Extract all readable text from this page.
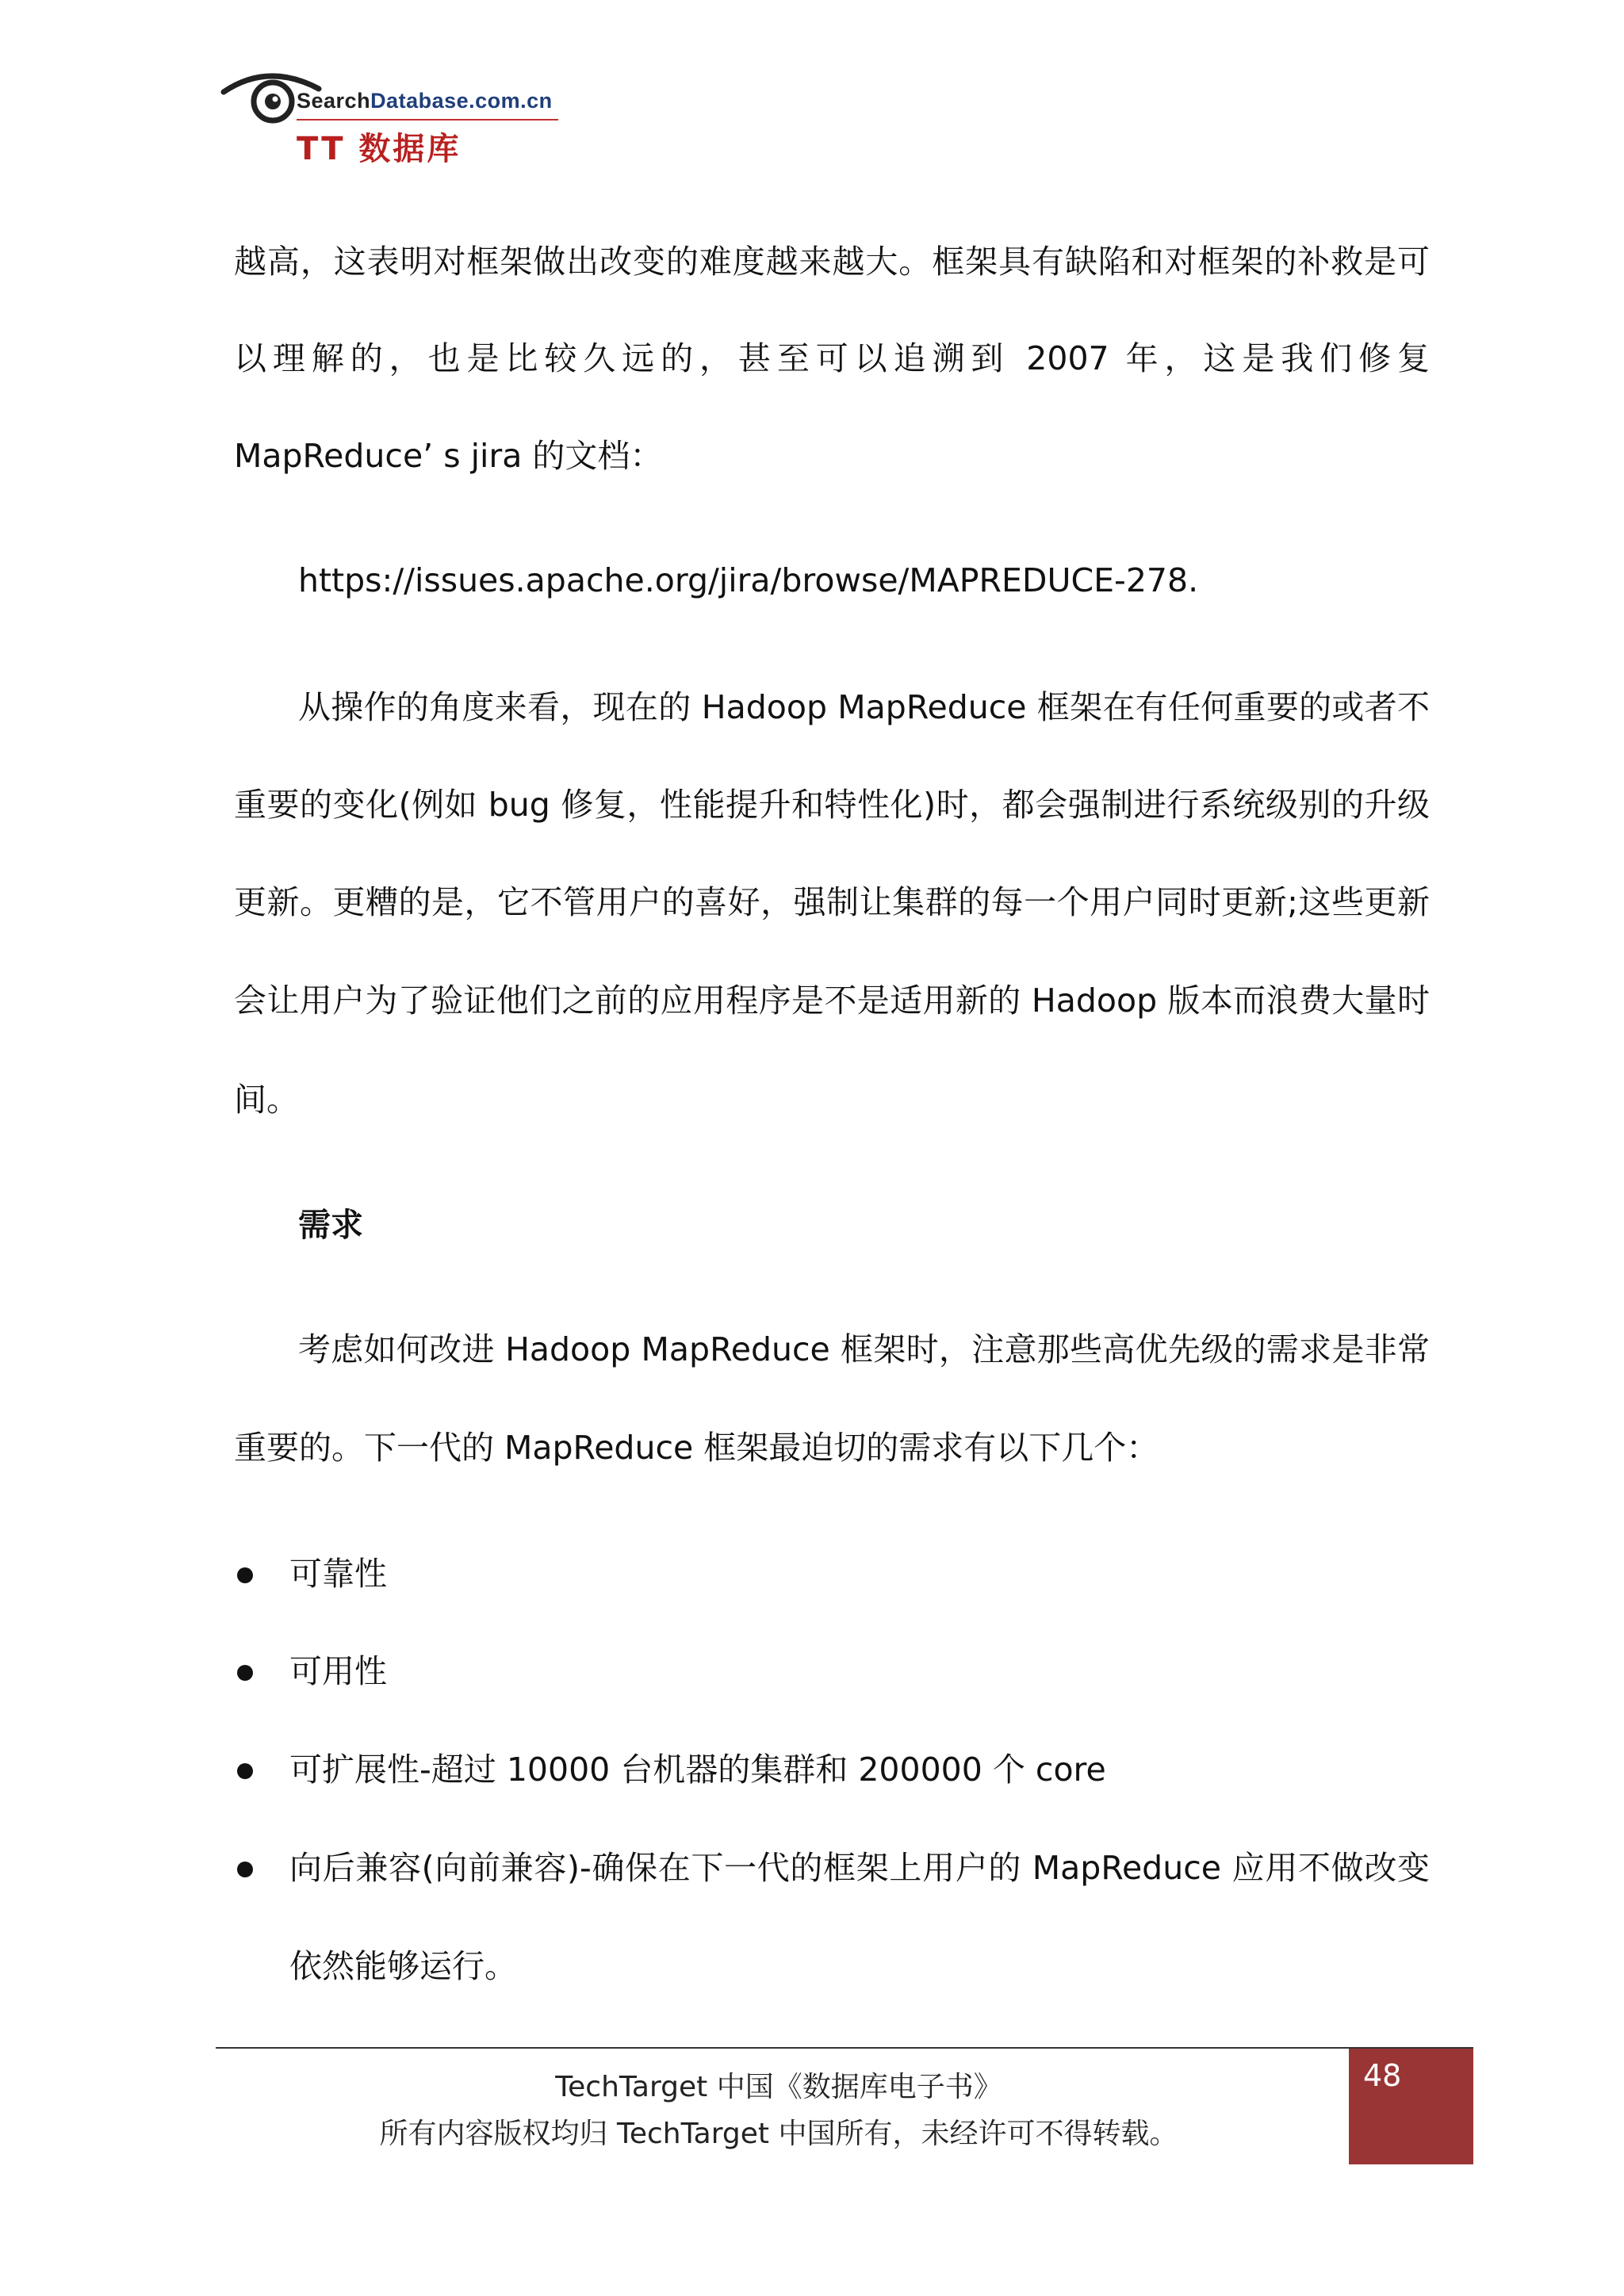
SearchDatabase.com.cn
TT 数据库
越高，这表明对框架做出改变的难度越来越大。框架具有缺陷和对框架的补救是可
以理解的，也是比较久远的，甚至可以追溯到 2007 年，这是我们修复
MapReduce’ s jira 的文档：
https://issues.apache.org/jira/browse/MAPREDUCE-278.
从操作的角度来看，现在的 Hadoop MapReduce 框架在有任何重要的或者不
重要的变化(例如 bug 修复，性能提升和特性化)时，都会强制进行系统级别的升级
更新。更糟的是，它不管用户的喜好，强制让集群的每一个用户同时更新;这些更新
会让用户为了验证他们之前的应用程序是不是适用新的 Hadoop 版本而浪费大量时
间。
需求
考虑如何改进 Hadoop MapReduce 框架时，注意那些高优先级的需求是非常
重要的。下一代的 MapReduce 框架最迫切的需求有以下几个：
可靠性
可用性
可扩展性-超过 10000 台机器的集群和 200000 个 core
向后兼容(向前兼容)-确保在下一代的框架上用户的 MapReduce 应用不做改变
依然能够运行。
TechTarget 中国《数据库电子书》
所有内容版权均归 TechTarget 中国所有，未经许可不得转载。
48
